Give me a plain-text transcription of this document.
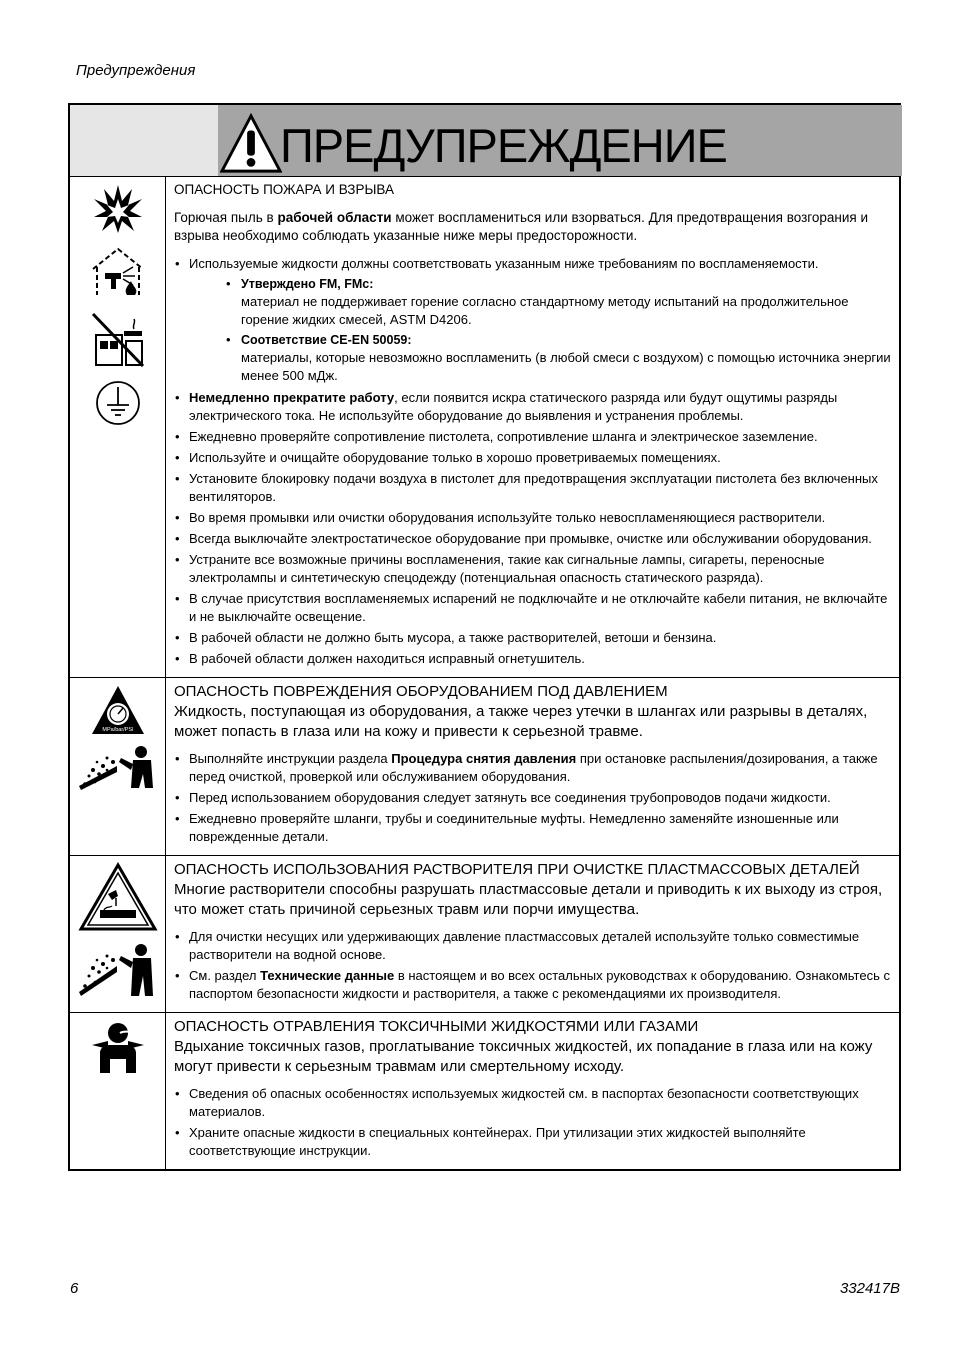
Предупреждения
ПРЕДУПРЕЖДЕНИЕ

ОПАСНОСТЬ ПОЖАРА И ВЗРЫВА

Горючая пыль в рабочей области может воспламениться или взорваться. Для предотвращения возгорания и взрыва необходимо соблюдать указанные ниже меры предосторожности.

• Используемые жидкости должны соответствовать указанным ниже требованиям по воспламеняемости.
• Утверждено FM, FMc:
материал не поддерживает горение согласно стандартному методу испытаний на продолжительное горение жидких смесей, ASTM D4206.
• Соответствие CE-EN 50059:
материалы, которые невозможно воспламенить (в любой смеси с воздухом) с помощью источника энергии менее 500 мДж.
• Немедленно прекратите работу, если появится искра статического разряда или будут ощутимы разряды электрического тока. Не используйте оборудование до выявления и устранения проблемы.
• Ежедневно проверяйте сопротивление пистолета, сопротивление шланга и электрическое заземление.
• Используйте и очищайте оборудование только в хорошо проветриваемых помещениях.
• Установите блокировку подачи воздуха в пистолет для предотвращения эксплуатации пистолета без включенных вентиляторов.
• Во время промывки или очистки оборудования используйте только невоспламеняющиеся растворители.
• Всегда выключайте электростатическое оборудование при промывке, очистке или обслуживании оборудования.
• Устраните все возможные причины воспламенения, такие как сигнальные лампы, сигареты, переносные электролампы и синтетическую спецодежду (потенциальная опасность статического разряда).
• В случае присутствия воспламеняемых испарений не подключайте и не отключайте кабели питания, не включайте и не выключайте освещение.
• В рабочей области не должно быть мусора, а также растворителей, ветоши и бензина.
• В рабочей области должен находиться исправный огнетушитель.
MPa/bar/PSI

ОПАСНОСТЬ ПОВРЕЖДЕНИЯ ОБОРУДОВАНИЕМ ПОД ДАВЛЕНИЕМ

Жидкость, поступающая из оборудования, а также через утечки в шлангах или разрывы в деталях, может попасть в глаза или на кожу и привести к серьезной травме.

• Выполняйте инструкции раздела Процедура снятия давления при остановке распыления/дозирования, а также перед очисткой, проверкой или обслуживанием оборудования.
• Перед использованием оборудования следует затянуть все соединения трубопроводов подачи жидкости.
• Ежедневно проверяйте шланги, трубы и соединительные муфты. Немедленно заменяйте изношенные или поврежденные детали.

ОПАСНОСТЬ ИСПОЛЬЗОВАНИЯ РАСТВОРИТЕЛЯ ПРИ ОЧИСТКЕ ПЛАСТМАССОВЫХ ДЕТАЛЕЙ

Многие растворители способны разрушать пластмассовые детали и приводить к их выходу из строя, что может стать причиной серьезных травм или порчи имущества.

• Для очистки несущих или удерживающих давление пластмассовых деталей используйте только совместимые растворители на водной основе.
• См. раздел Технические данные в настоящем и во всех остальных руководствах к оборудованию. Ознакомьтесь с паспортом безопасности жидкости и растворителя, а также с рекомендациями их производителя.

ОПАСНОСТЬ ОТРАВЛЕНИЯ ТОКСИЧНЫМИ ЖИДКОСТЯМИ ИЛИ ГАЗАМИ

Вдыхание токсичных газов, проглатывание токсичных жидкостей, их попадание в глаза или на кожу могут привести к серьезным травмам или смертельному исходу.

• Сведения об опасных особенностях используемых жидкостей см. в паспортах безопасности соответствующих материалов.
• Храните опасные жидкости в специальных контейнерах. При утилизации этих жидкостей выполняйте соответствующие инструкции.
6	332417B
